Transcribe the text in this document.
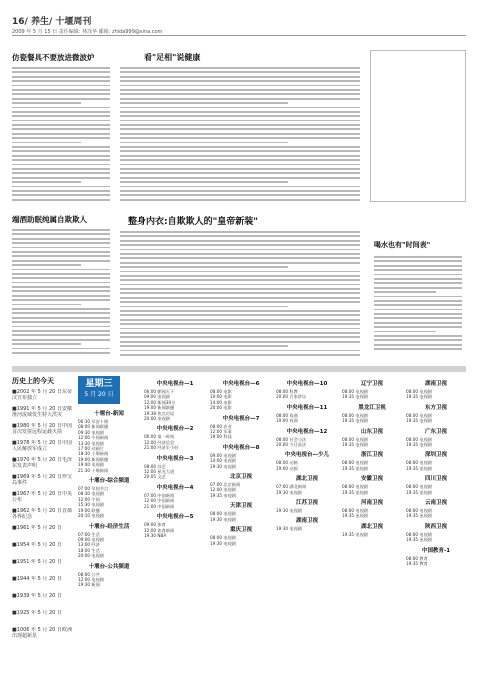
16/ 养生/ 十堰周刊
2009 年 5 月 15 日 责任编辑: 林泽华 邮箱: zhida999@sina.com
仿瓷餐具不要放进微波炉
端酒助眠纯属自欺欺人
看"足相"说健康
整身内衣:自欺欺人的"皇帝新装"
喝水也有"时间表"
历史上的今天
■2002 年 5 月 20 日东帝汶宣布独立
■1991 年 5 月 20 日安徽淮河流域发生特大洪灾
■1980 年 5 月 20 日中国首次发射远程运载火箭
■1978 年 5 月 20 日中国人民解放军成立
■1970 年 5 月 20 日毛泽东发表声明
■1969 年 5 月 20 日珍宝岛事件
■1967 年 5 月 20 日中央公布
■1962 年 5 月 20 日首都各界纪念
■1961 年 5 月 20 日
■1954 年 5 月 20 日
■1951 年 5 月 20 日
■1944 年 5 月 20 日
■1939 年 5 月 20 日
■1925 年 5 月 20 日
■1006 年 5 月 20 日欧洲出现超新星
星期三
5 月 20 日
十堰台-新闻
06:30 早安十堰
08:00 新闻联播
09:30 电视剧
12:00 午间新闻
13:30 电视剧
17:00 动画片
18:30 十堰新闻
19:00 新闻联播
19:40 电视剧
21:30 十堰新闻
十堰台-综合频道
07:00 早间节目
08:30 电视剧
12:00 午间
15:30 电视剧
19:00 联播
20:10 电视剧
十堰台-经济生活
07:00 生活
09:00 电视剧
13:00 经济
18:00 生活
20:00 电视剧
十堰台-公共频道
08:00 公共
12:00 电视剧
19:30 新闻
中央电视台—1
06:00 朝闻天下
09:00 电视剧
12:00 新闻30分
19:00 新闻联播
19:38 焦点访谈
20:00 电视剧
中央电视台—2
06:00 第一时间
12:00 经济信息
21:00 经济半小时
中央电视台—3
08:00 综艺
12:00 星光大道
20:05 文艺
中央电视台—4
07:00 中国新闻
12:00 中国新闻
21:00 中国新闻
中央电视台—5
09:00 体育
12:00 体育新闻
19:30 NBA
中央电视台—6
08:00 电影
10:00 电影
14:00 电影
20:00 电影
中央电视台—7
08:00 农业
12:00 军事
19:00 科技
中央电视台—8
09:00 电视剧
14:00 电视剧
19:30 电视剧
北京卫视
07:00 北京新闻
12:00 电视剧
19:35 电视剧
天津卫视
08:00 电视剧
19:30 电视剧
重庆卫视
08:00 电视剧
19:30 电视剧
中央电视台—10
08:00 科教
20:00 百家讲坛
中央电视台—11
08:00 戏曲
19:00 戏曲
中央电视台—12
08:00 社会与法
20:00 今日说法
中央电视台—少儿
08:00 动画
19:00 动画
湖北卫视
07:00 湖北新闻
19:30 电视剧
江苏卫视
19:30 电视剧
湖南卫视
19:30 电视剧
辽宁卫视
08:00 电视剧
19:35 电视剧
黑龙江卫视
08:00 电视剧
19:35 电视剧
山东卫视
08:00 电视剧
19:35 电视剧
浙江卫视
08:00 电视剧
19:35 电视剧
安徽卫视
08:00 电视剧
19:35 电视剧
河南卫视
08:00 电视剧
19:35 电视剧
湖北卫视
19:35 电视剧
湖南卫视
08:00 电视剧
19:35 电视剧
东方卫视
08:00 电视剧
19:35 电视剧
广东卫视
08:00 电视剧
19:35 电视剧
深圳卫视
08:00 电视剧
19:35 电视剧
四川卫视
08:00 电视剧
19:35 电视剧
云南卫视
08:00 电视剧
19:35 电视剧
陕西卫视
08:00 电视剧
19:35 电视剧
中国教育-1
08:00 教育
19:35 教育
